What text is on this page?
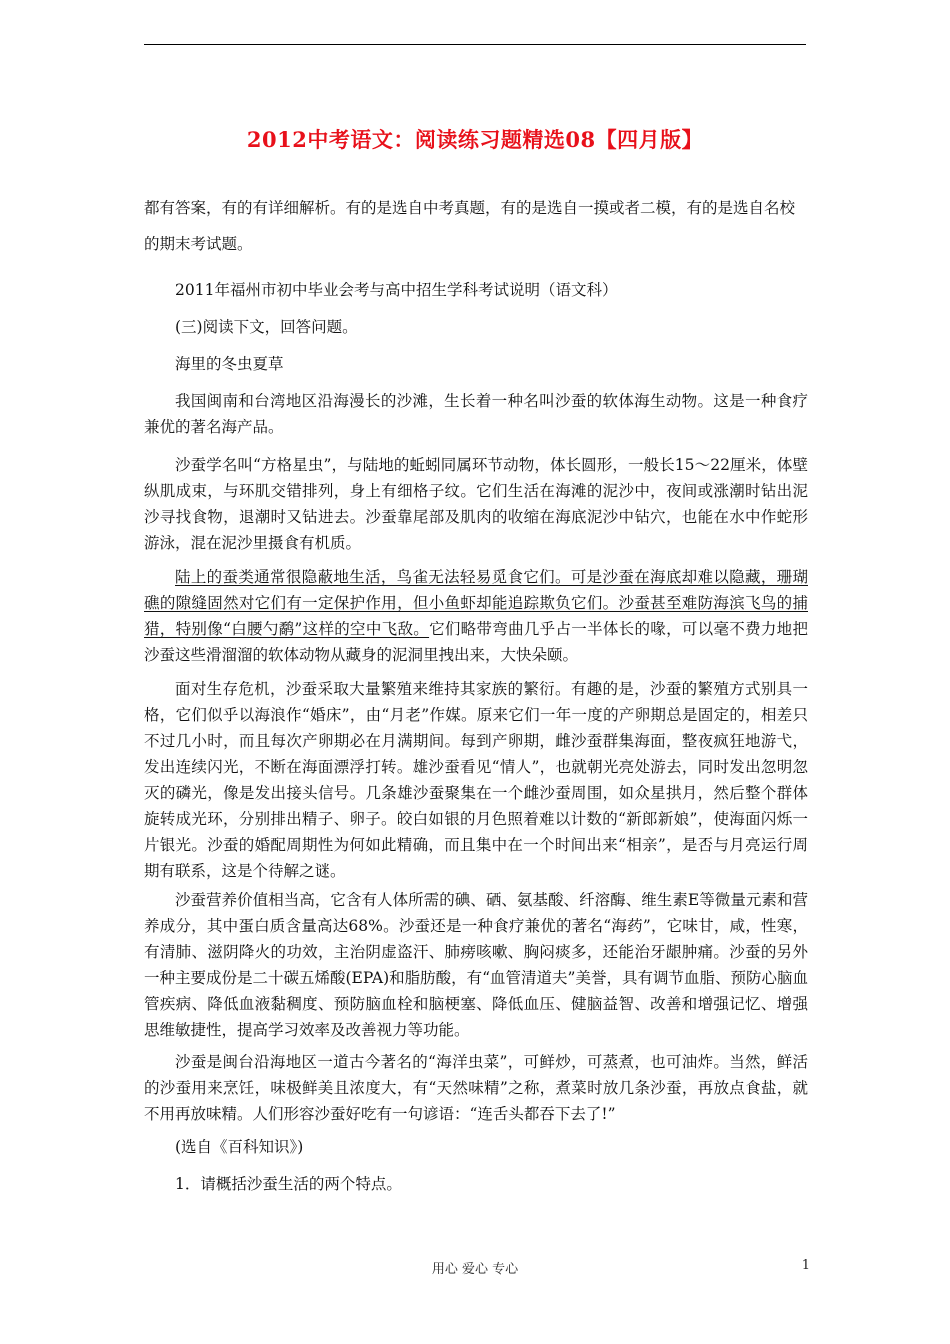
2012中考语文：阅读练习题精选08【四月版】
都有答案，有的有详细解析。有的是选自中考真题，有的是选自一摸或者二模，有的是选自名校的期末考试题。
2011年福州市初中毕业会考与高中招生学科考试说明（语文科）
(三)阅读下文，回答问题。
海里的冬虫夏草
我国闽南和台湾地区沿海漫长的沙滩，生长着一种名叫沙蚕的软体海生动物。这是一种食疗兼优的著名海产品。
沙蚕学名叫“方格星虫”，与陆地的蚯蚓同属环节动物，体长圆形，一般长15～22厘米，体壁纵肌成束，与环肌交错排列，身上有细格子纹。它们生活在海滩的泥沙中，夜间或涨潮时钻出泥沙寻找食物，退潮时又钻进去。沙蚕靠尾部及肌肉的收缩在海底泥沙中钻穴，也能在水中作蛇形游泳，混在泥沙里摄食有机质。
陆上的蚕类通常很隐蔽地生活，鸟雀无法轻易觅食它们。可是沙蚕在海底却难以隐藏，珊瑚礁的隙缝固然对它们有一定保护作用，但小鱼虾却能追踪欺负它们。沙蚕甚至难防海滨飞鸟的捕猎，特别像“白腰勺鹬”这样的空中飞敌。它们略带弯曲几乎占一半体长的喙，可以毫不费力地把沙蚕这些滑溜溜的软体动物从藏身的泥洞里拽出来，大快朵颐。
面对生存危机，沙蚕采取大量繁殖来维持其家族的繁衍。有趣的是，沙蚕的繁殖方式别具一格，它们似乎以海浪作“婚床”，由“月老”作媒。原来它们一年一度的产卵期总是固定的，相差只不过几小时，而且每次产卵期必在月满期间。每到产卵期，雌沙蚕群集海面，整夜疯狂地游弋，发出连续闪光，不断在海面漂浮打转。雄沙蚕看见“情人”，也就朝光亮处游去，同时发出忽明忽灭的磷光，像是发出接头信号。几条雄沙蚕聚集在一个雌沙蚕周围，如众星拱月，然后整个群体旋转成光环，分别排出精子、卵子。皎白如银的月色照着难以计数的“新郎新娘”，使海面闪烁一片银光。沙蚕的婚配周期性为何如此精确，而且集中在一个时间出来“相亲”，是否与月亮运行周期有联系，这是个待解之谜。
沙蚕营养价值相当高，它含有人体所需的碘、硒、氨基酸、纤溶酶、维生素E等微量元素和营养成分，其中蛋白质含量高达68%。沙蚕还是一种食疗兼优的著名“海药”，它味甘，咸，性寒，有清肺、滋阴降火的功效，主治阴虚盗汗、肺痨咳嗽、胸闷痰多，还能治牙龈肿痛。沙蚕的另外一种主要成份是二十碳五烯酸(EPA)和脂肪酸，有“血管清道夫”美誉，具有调节血脂、预防心脑血管疾病、降低血液黏稠度、预防脑血栓和脑梗塞、降低血压、健脑益智、改善和增强记忆、增强思维敏捷性，提高学习效率及改善视力等功能。
沙蚕是闽台沿海地区一道古今著名的“海洋虫菜”，可鲜炒，可蒸煮，也可油炸。当然，鲜活的沙蚕用来烹饪，味极鲜美且浓度大，有“天然味精”之称，煮菜时放几条沙蚕，再放点食盐，就不用再放味精。人们形容沙蚕好吃有一句谚语：“连舌头都吞下去了!”
(选自《百科知识》)
1．请概括沙蚕生活的两个特点。
用心 爱心 专心	1
